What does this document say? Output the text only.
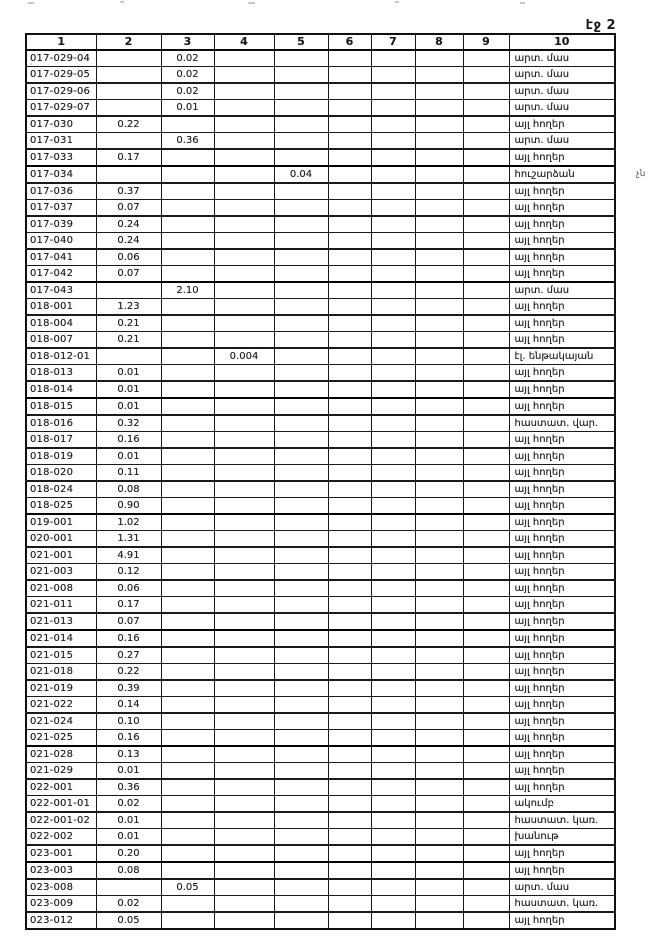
էջ 2
չն
1	2	3	4	5	6	7	8	9	10
017-029-04		0.02							արտ. մաս
017-029-05		0.02							արտ. մաս
017-029-06		0.02							արտ. մաս
017-029-07		0.01							արտ. մաս
017-030	0.22								այլ հողեր
017-031		0.36							արտ. մաս
017-033	0.17								այլ հողեր
017-034				0.04					հուշարձան
017-036	0.37								այլ հողեր
017-037	0.07								այլ հողեր
017-039	0.24								այլ հողեր
017-040	0.24								այլ հողեր
017-041	0.06								այլ հողեր
017-042	0.07								այլ հողեր
017-043		2.10							արտ. մաս
018-001	1.23								այլ հողեր
018-004	0.21								այլ հողեր
018-007	0.21								այլ հողեր
018-012-01			0.004						էլ. ենթակայան
018-013	0.01								այլ հողեր
018-014	0.01								այլ հողեր
018-015	0.01								այլ հողեր
018-016	0.32								հաստատ. վար.
018-017	0.16								այլ հողեր
018-019	0.01								այլ հողեր
018-020	0.11								այլ հողեր
018-024	0.08								այլ հողեր
018-025	0.90								այլ հողեր
019-001	1.02								այլ հողեր
020-001	1.31								այլ հողեր
021-001	4.91								այլ հողեր
021-003	0.12								այլ հողեր
021-008	0.06								այլ հողեր
021-011	0.17								այլ հողեր
021-013	0.07								այլ հողեր
021-014	0.16								այլ հողեր
021-015	0.27								այլ հողեր
021-018	0.22								այլ հողեր
021-019	0.39								այլ հողեր
021-022	0.14								այլ հողեր
021-024	0.10								այլ հողեր
021-025	0.16								այլ հողեր
021-028	0.13								այլ հողեր
021-029	0.01								այլ հողեր
022-001	0.36								այլ հողեր
022-001-01	0.02								ակումբ
022-001-02	0.01								հաստատ. կառ.
022-002	0.01								խանութ
023-001	0.20								այլ հողեր
023-003	0.08								այլ հողեր
023-008		0.05							արտ. մաս
023-009	0.02								հաստատ. կառ.
023-012	0.05								այլ հողեր
